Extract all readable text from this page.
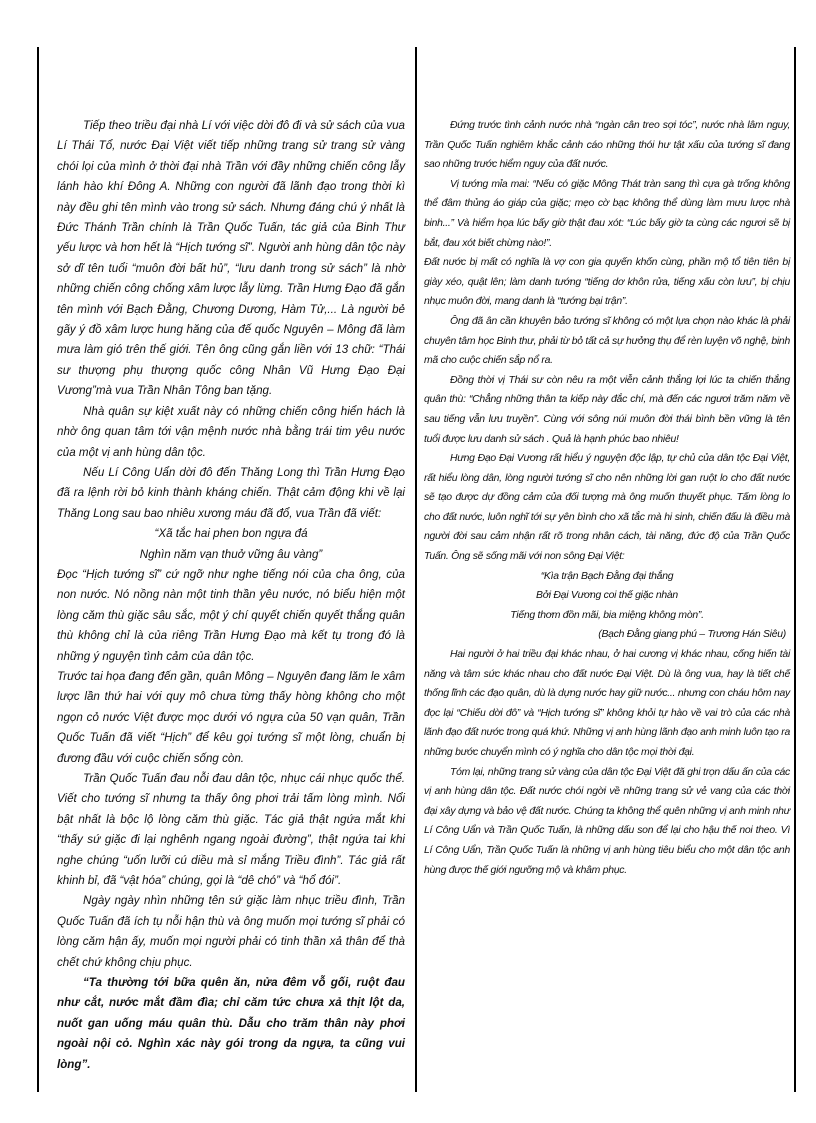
Tiếp theo triều đại nhà Lí với việc dời đô đi và sử sách của vua Lí Thái Tổ, nước Đại Việt viết tiếp những trang sử trang sử vàng chói lọi của mình ở thời đại nhà Trần với đầy những chiến công lẫy lánh hào khí Đông A. Những con người đã lãnh đạo trong thời kì này đều ghi tên mình vào trong sử sách. Nhưng đáng chú ý nhất là Đức Thánh Trần chính là Trần Quốc Tuấn, tác giả của Binh Thư yếu lược và hơn hết là “Hịch tướng sĩ”. Người anh hùng dân tộc này sở dĩ tên tuổi “muôn đời bất hủ”, “lưu danh trong sử sách” là nhờ những chiến công chống xâm lược lẫy lừng. Trần Hưng Đạo đã gắn tên mình với Bạch Đằng, Chương Dương, Hàm Tử,... Là người bẻ gãy ý đồ xâm lược hung hăng của đế quốc Nguyên – Mông đã làm mưa làm gió trên thế giới. Tên ông cũng gắn liền với 13 chữ: “Thái sư thượng phụ thượng quốc công Nhân Vũ Hưng Đạo Đại Vương”mà vua Trần Nhân Tông ban tặng.

Nhà quân sự kiệt xuất này có những chiến công hiển hách là nhờ ông quan tâm tới vận mệnh nước nhà bằng trái tim yêu nước của một vị anh hùng dân tộc.

Nếu Lí Công Uẩn dời đô đến Thăng Long thì Trần Hưng Đạo đã ra lệnh rời bỏ kinh thành kháng chiến. Thật cảm động khi về lại Thăng Long sau bao nhiêu xương máu đã đổ, vua Trần đã viết:

“Xã tắc hai phen bon ngựa đá

Nghìn năm vạn thuở vững âu vàng”

Đọc “Hịch tướng sĩ” cứ ngỡ như nghe tiếng nói của cha ông, của non nước. Nó nồng nàn một tinh thần yêu nước, nó biểu hiện một lòng căm thù giặc sâu sắc, một ý chí quyết chiến quyết thắng quân thù không chỉ là của riêng Trần Hưng Đạo mà kết tụ trong đó là những ý nguyện tình cảm của dân tộc.

Trước tai họa đang đến gần, quân Mông – Nguyên đang lăm le xâm lược lần thứ hai với quy mô chưa từng thấy hòng không cho một ngọn cỏ nước Việt được mọc dưới vó ngựa của 50 vạn quân, Trần Quốc Tuấn đã viết “Hịch” để kêu gọi tướng sĩ một lòng, chuẩn bị đương đầu với cuộc chiến sống còn.

Trần Quốc Tuấn đau nỗi đau dân tộc, nhục cái nhục quốc thể. Viết cho tướng sĩ nhưng ta thấy ông phơi trải tấm lòng mình. Nổi bật nhất là bộc lộ lòng căm thù giặc. Tác giả thật ngứa mắt khi “thấy sứ giặc đi lại nghênh ngang ngoài đường”, thật ngứa tai khi nghe chúng “uốn lưỡi cú diều mà sỉ mắng Triều đình”. Tác giả rất khinh bỉ, đã “vật hóa” chúng, gọi là “dê chó” và “hổ đói”.

Ngày ngày nhìn những tên sứ giặc làm nhục triều đình, Trần Quốc Tuấn đã ích tụ nỗi hận thù và ông muốn mọi tướng sĩ phải có lòng căm hận ấy, muốn mọi người phải có tinh thần xả thân để thà chết chứ không chịu phục.

“Ta thường tới bữa quên ăn, nửa đêm vỗ gối, ruột đau như cắt, nước mắt đầm đìa; chỉ căm tức chưa xả thịt lột da, nuốt gan uống máu quân thù. Dẫu cho trăm thân này phơi ngoài nội cỏ. Nghìn xác này gói trong da ngựa, ta cũng vui lòng”.

Đứng trước tình cảnh nước nhà “ngàn cân treo sợi tóc”, nước nhà lâm nguy, Trần Quốc Tuấn nghiêm khắc cảnh cáo những thói hư tật xấu của tướng sĩ đang sao những trước hiểm nguy của đất nước.

Vị tướng mỉa mai: “Nếu có giặc Mông Thát tràn sang thì cựa gà trống không thể đâm thủng áo giáp của giặc; mẹo cờ bạc không thể dùng làm mưu lược nhà binh...” Và hiểm họa lúc bấy giờ thật đau xót: “Lúc bấy giờ ta cùng các ngươi sẽ bị bắt, đau xót biết chừng nào!”.

Đất nước bị mất có nghĩa là vợ con gia quyến khốn cùng, phần mộ tổ tiên tiên bị giày xéo, quật lên; làm danh tướng “tiếng dơ khôn rửa, tiếng xấu còn lưu”, bị chịu nhục muôn đời, mang danh là “tướng bại trận”.

Ông đã ân cần khuyên bảo tướng sĩ không có một lựa chọn nào khác là phải chuyên tâm học Binh thư, phải từ bỏ tất cả sự hưởng thụ để rèn luyện võ nghệ, binh mã cho cuộc chiến sắp nổ ra.

Đồng thời vị Thái sư còn nêu ra một viễn cảnh thắng lợi lúc ta chiến thắng quân thù: “Chẳng những thân ta kiếp này đắc chí, mà đến các ngươi trăm năm về sau tiếng vẫn lưu truyền”. Cùng với sông núi muôn đời thái bình bền vững là tên tuổi được lưu danh sử sách . Quả là hạnh phúc bao nhiêu!

Hưng Đạo Đại Vương rất hiểu ý nguyện độc lập, tự chủ của dân tộc Đại Việt, rất hiểu lòng dân, lòng người tướng sĩ cho nên những lời gan ruột lo cho đất nước sẽ tạo được dự đồng cảm của đối tượng mà ông muốn thuyết phục. Tấm lòng lo cho đất nước, luôn nghĩ tới sự yên bình cho xã tắc mà hi sinh, chiến đấu là điều mà người đời sau cảm nhận rất rõ trong nhân cách, tài năng, đức độ của Trần Quốc Tuấn. Ông sẽ sống mãi với non sông Đại Việt:

“Kìa trận Bạch Đằng đại thắng

Bởi Đại Vương coi thế giặc nhàn

Tiếng thơm đồn mãi, bia miệng không mòn”.

(Bạch Đằng giang phú – Trương Hán Siêu)

Hai người ở hai triều đại khác nhau, ở hai cương vị khác nhau, cống hiến tài năng và tâm sức khác nhau cho đất nước Đại Việt. Dù là ông vua, hay là tiết chế thống lĩnh các đạo quân, dù là dựng nước hay giữ nước... nhưng con cháu hôm nay đọc lại “Chiếu dời đô” và “Hịch tướng sĩ” không khỏi tự hào về vai trò của các nhà lãnh đạo đất nước trong quá khứ. Những vị anh hùng lãnh đạo anh minh luôn tạo ra những bước chuyển mình có ý nghĩa cho dân tộc mọi thời đại.

Tóm lại, những trang sử vàng của dân tộc Đại Việt đã ghi trọn dấu ấn của các vị anh hùng dân tộc. Đất nước chói ngời về những trang sử vẻ vang của các thời đại xây dựng và bảo vệ đất nước. Chúng ta không thể quên những vị anh minh như Lí Công Uẩn và Trần Quốc Tuấn, là những dấu son để lại cho hậu thế noi theo. Vì Lí Công Uẩn, Trần Quốc Tuấn là những vị anh hùng tiêu biểu cho một dân tộc anh hùng được thế giới ngưỡng mộ và khâm phục.
